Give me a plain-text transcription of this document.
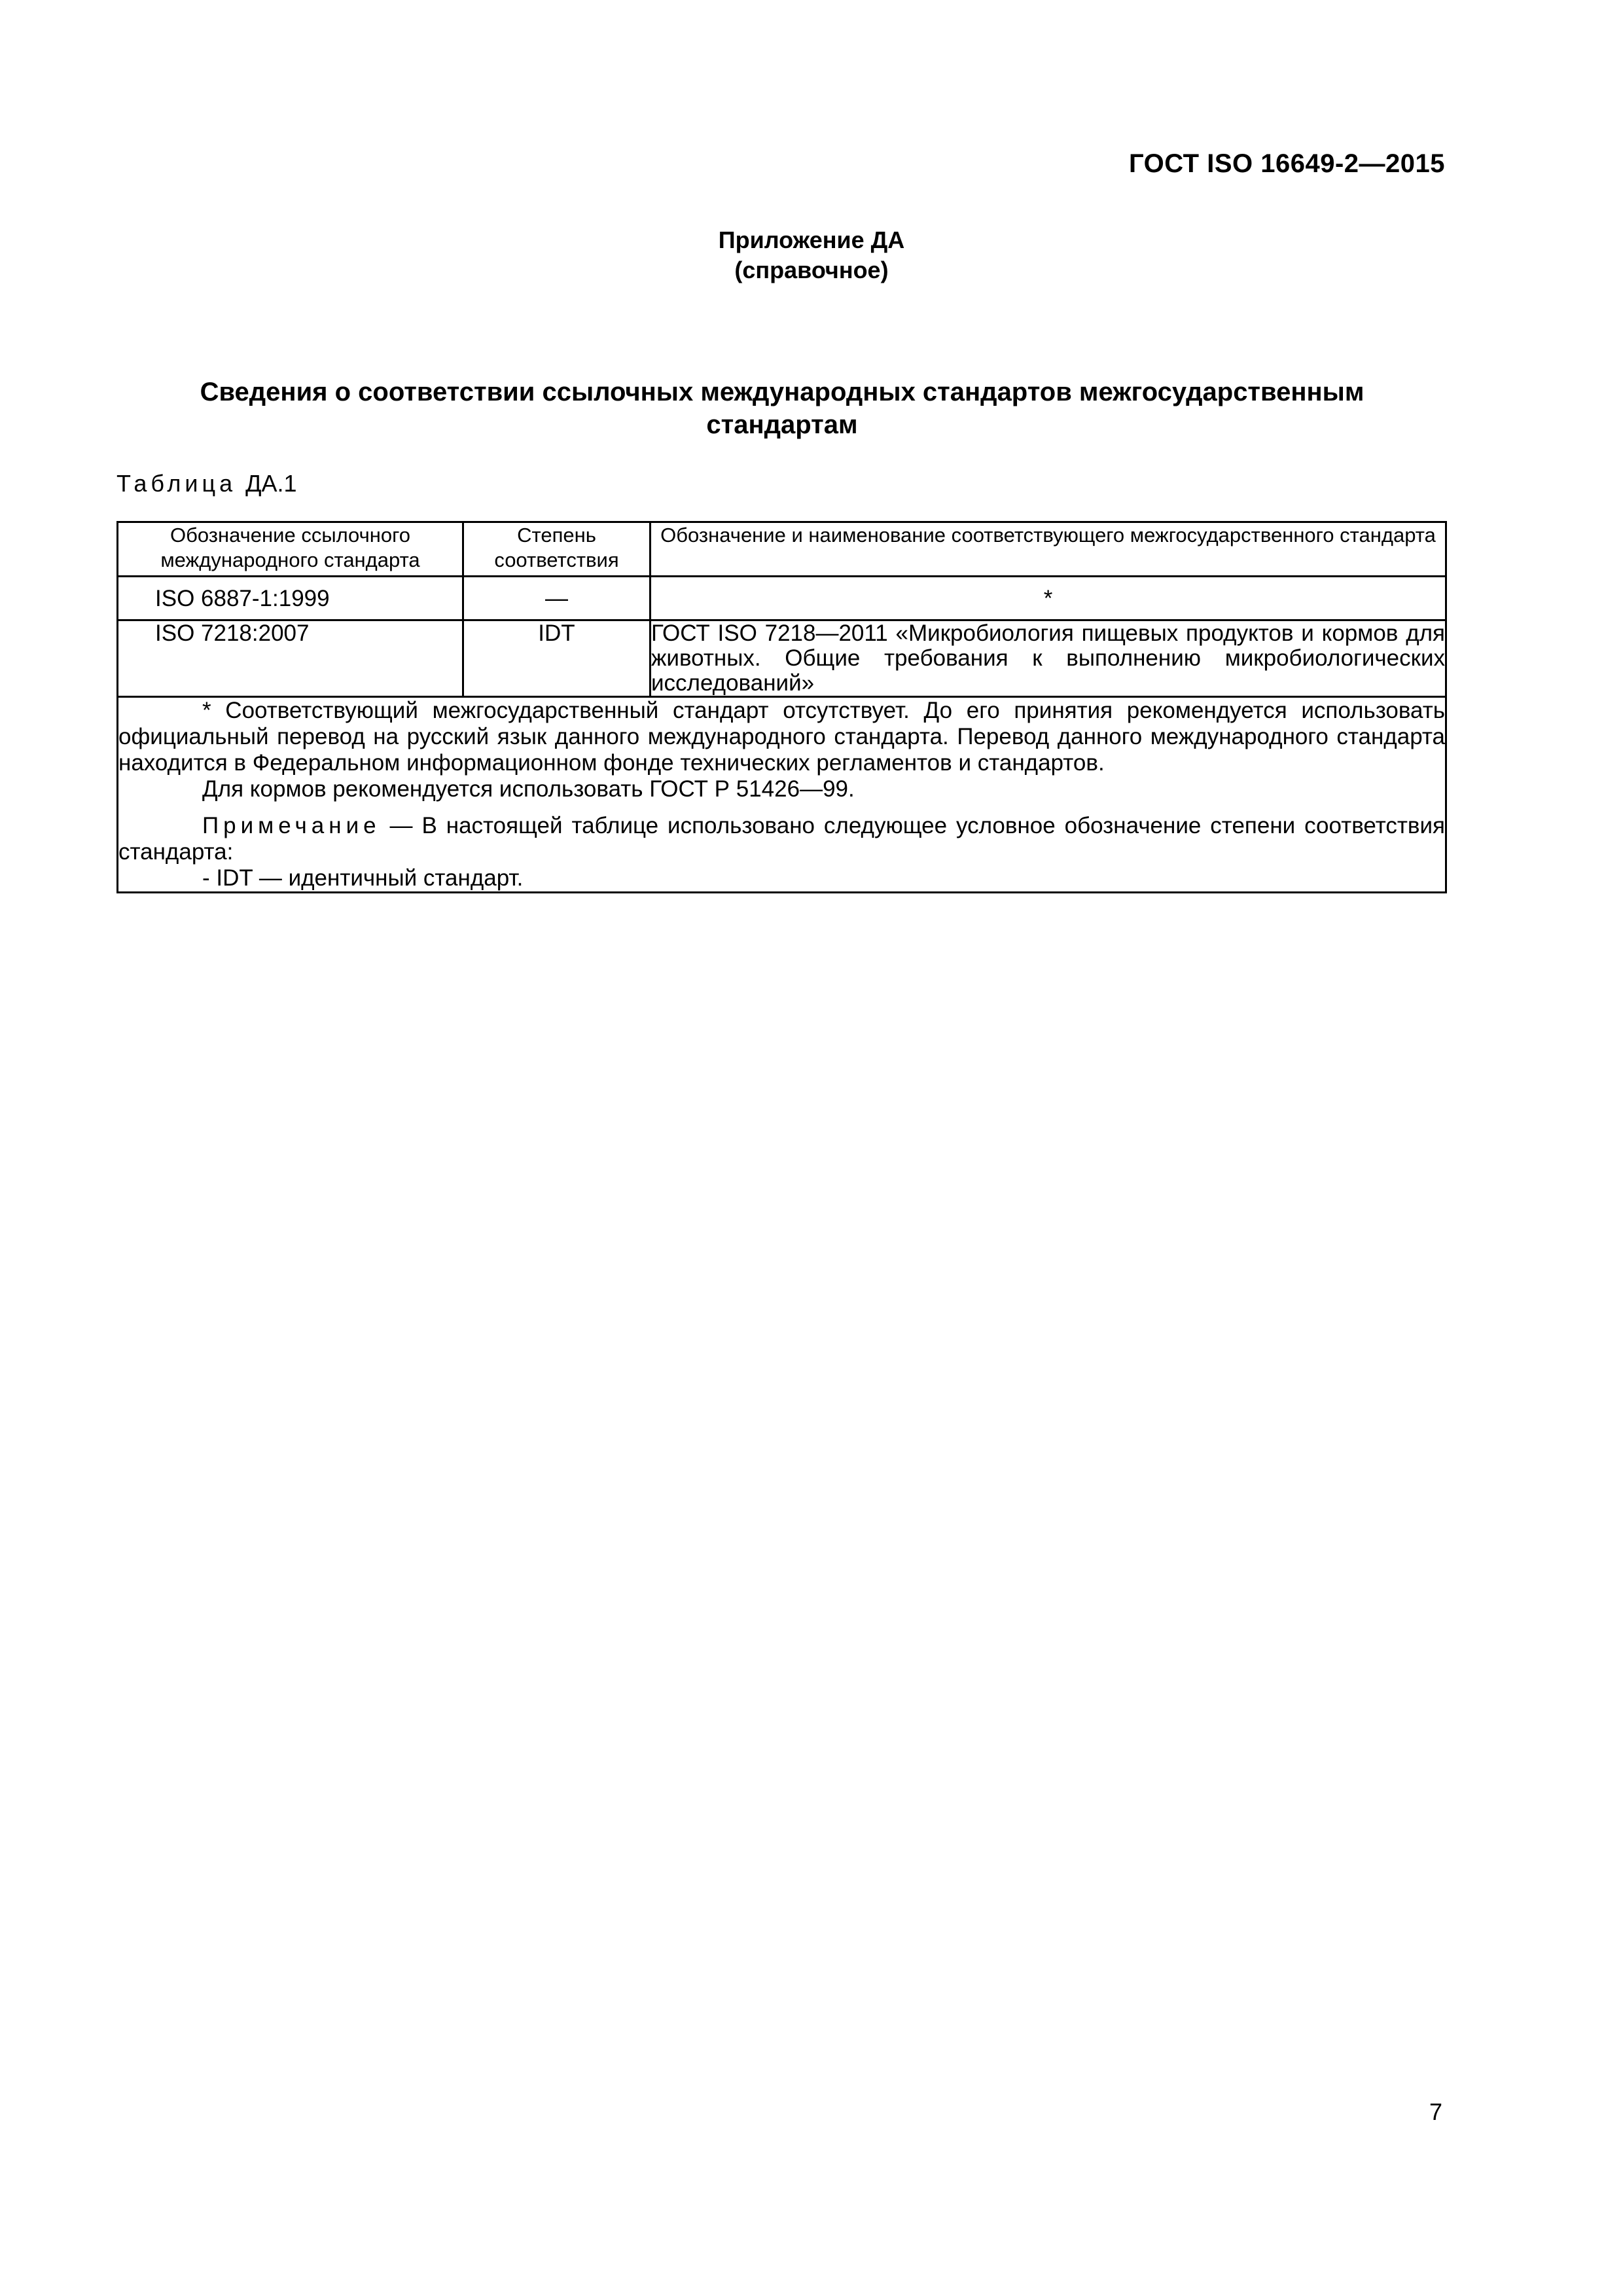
ГОСТ ISO 16649-2—2015
Приложение ДА
(справочное)
Сведения о соответствии ссылочных международных стандартов межгосударственным
стандартам
Таблица ДА.1
Обозначение ссылочного международного стандарта	Степень соответствия	Обозначение и наименование соответствующего межгосударственного стандарта

ISO 6887-1:1999	—	*

ISO 7218:2007	IDT	ГОСТ ISO 7218—2011 «Микробиология пищевых продуктов и кормов для животных. Общие требования к выполнению микробиологических исследований»

* Соответствующий межгосударственный стандарт отсутствует. До его принятия рекомендуется использовать официальный перевод на русский язык данного международного стандарта. Перевод данного международного стандарта находится в Федеральном информационном фонде технических регламентов и стандартов.

Для кормов рекомендуется использовать ГОСТ Р 51426—99.

Примечание — В настоящей таблице использовано следующее условное обозначение степени соответствия стандарта:

- IDT — идентичный стандарт.		

7
